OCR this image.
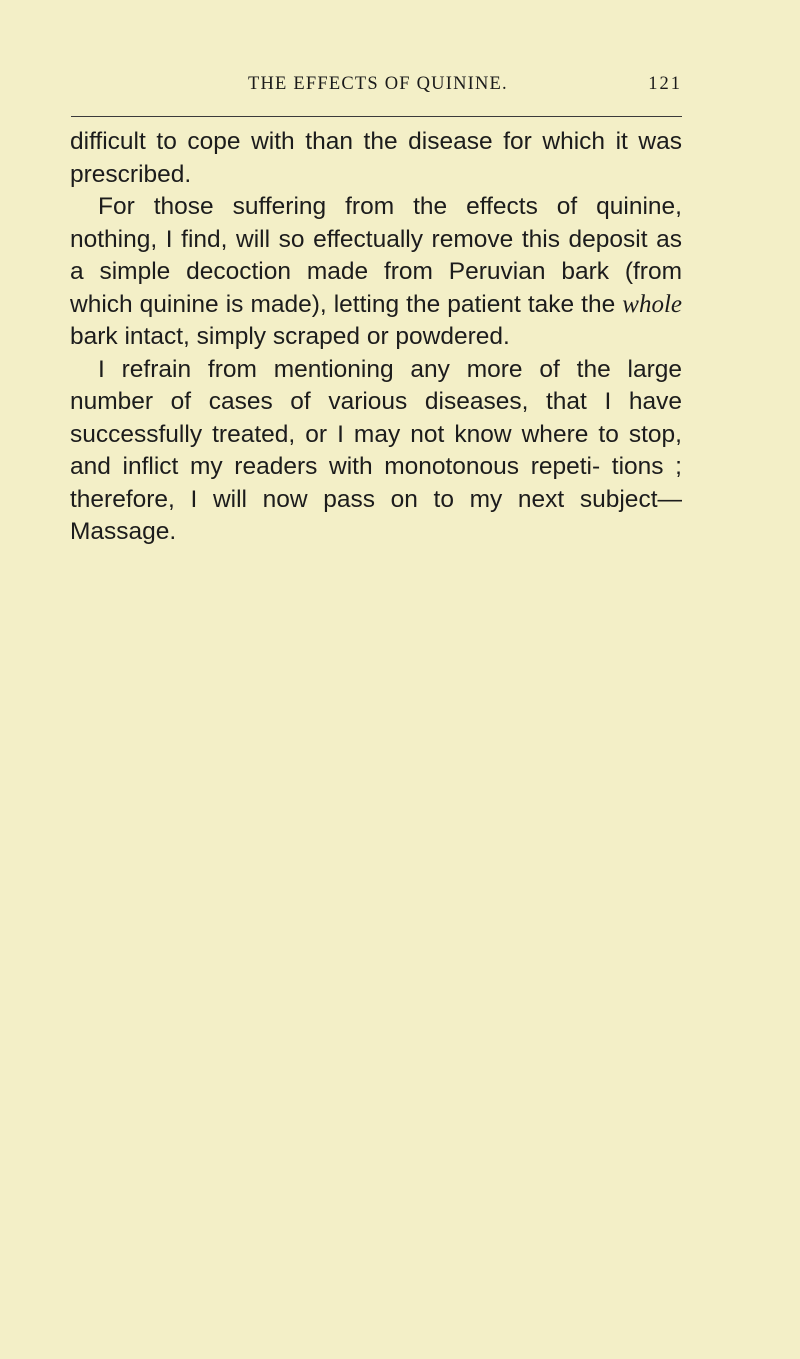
THE EFFECTS OF QUININE.	121

difficult to cope with than the disease for which it was prescribed.

For those suffering from the effects of quinine, nothing, I find, will so effectually remove this deposit as a simple decoction made from Peruvian bark (from which quinine is made), letting the patient take the whole bark intact, simply scraped or powdered.

I refrain from mentioning any more of the large number of cases of various diseases, that I have successfully treated, or I may not know where to stop, and inflict my readers with monotonous repeti- tions ; therefore, I will now pass on to my next subject—Massage.
